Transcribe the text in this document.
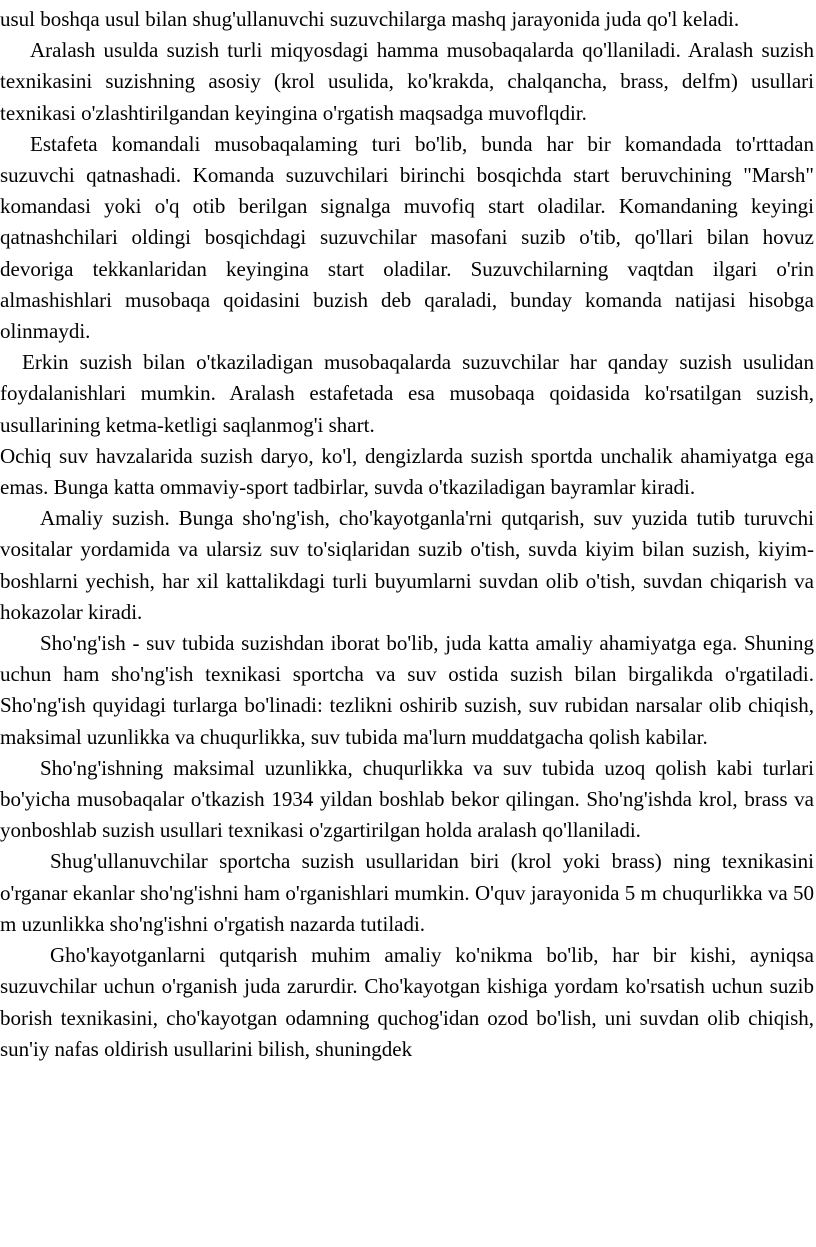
usul boshqa usul bilan shug'ullanuvchi suzuvchilarga mashq jarayonida juda qo'l keladi.

Aralash usulda suzish turli miqyosdagi hamma musobaqalarda qo'llaniladi. Aralash suzish texnikasini suzishning asosiy (krol usulida, ko'krakda, chalqancha, brass, delfm) usullari texnikasi o'zlashtirilgandan keyingina o'rgatish maqsadga muvoflqdir.

Estafeta komandali musobaqalaming turi bo'lib, bunda har bir komandada to'rttadan suzuvchi qatnashadi. Komanda suzuvchilari birinchi bosqichda start beruvchining "Marsh" komandasi yoki o'q otib berilgan signalga muvofiq start oladilar. Komandaning keyingi qatnashchilari oldingi bosqichdagi suzuvchilar masofani suzib o'tib, qo'llari bilan hovuz devoriga tekkanlaridan keyingina start oladilar. Suzuvchilarning vaqtdan ilgari o'rin almashishlari musobaqa qoidasini buzish deb qaraladi, bunday komanda natijasi hisobga olinmaydi.

Erkin suzish bilan o'tkaziladigan musobaqalarda suzuvchilar har qanday suzish usulidan foydalanishlari mumkin. Aralash estafetada esa musobaqa qoidasida ko'rsatilgan suzish, usullarining ketma-ketligi saqlanmog'i shart.

Ochiq suv havzalarida suzish daryo, ko'l, dengizlarda suzish sportda unchalik ahamiyatga ega emas. Bunga katta ommaviy-sport tadbirlar, suvda o'tkaziladigan bayramlar kiradi.

Amaliy suzish. Bunga sho'ng'ish, cho'kayotganla'rni qutqarish, suv yuzida tutib turuvchi vositalar yordamida va ularsiz suv to'siqlaridan suzib o'tish, suvda kiyim bilan suzish, kiyim-boshlarni yechish, har xil kattalikdagi turli buyumlarni suvdan olib o'tish, suvdan chiqarish va hokazolar kiradi.

Sho'ng'ish - suv tubida suzishdan iborat bo'lib, juda katta amaliy ahamiyatga ega. Shuning uchun ham sho'ng'ish texnikasi sportcha va suv ostida suzish bilan birgalikda o'rgatiladi. Sho'ng'ish quyidagi turlarga bo'linadi: tezlikni oshirib suzish, suv rubidan narsalar olib chiqish, maksimal uzunlikka va chuqurlikka, suv tubida ma'lurn muddatgacha qolish kabilar.

Sho'ng'ishning maksimal uzunlikka, chuqurlikka va suv tubida uzoq qolish kabi turlari bo'yicha musobaqalar o'tkazish 1934 yildan boshlab bekor qilingan. Sho'ng'ishda krol, brass va yonboshlab suzish usullari texnikasi o'zgartirilgan holda aralash qo'llaniladi.

Shug'ullanuvchilar sportcha suzish usullaridan biri (krol yoki brass) ning texnikasini o'rganar ekanlar sho'ng'ishni ham o'rganishlari mumkin. O'quv jarayonida 5 m chuqurlikka va 50 m uzunlikka sho'ng'ishni o'rgatish nazarda tutiladi.

Gho'kayotganlarni qutqarish muhim amaliy ko'nikma bo'lib, har bir kishi, ayniqsa suzuvchilar uchun o'rganish juda zarurdir. Cho'kayotgan kishiga yordam ko'rsatish uchun suzib borish texnikasini, cho'kayotgan odamning quchog'idan ozod bo'lish, uni suvdan olib chiqish, sun'iy nafas oldirish usullarini bilish, shuningdek
